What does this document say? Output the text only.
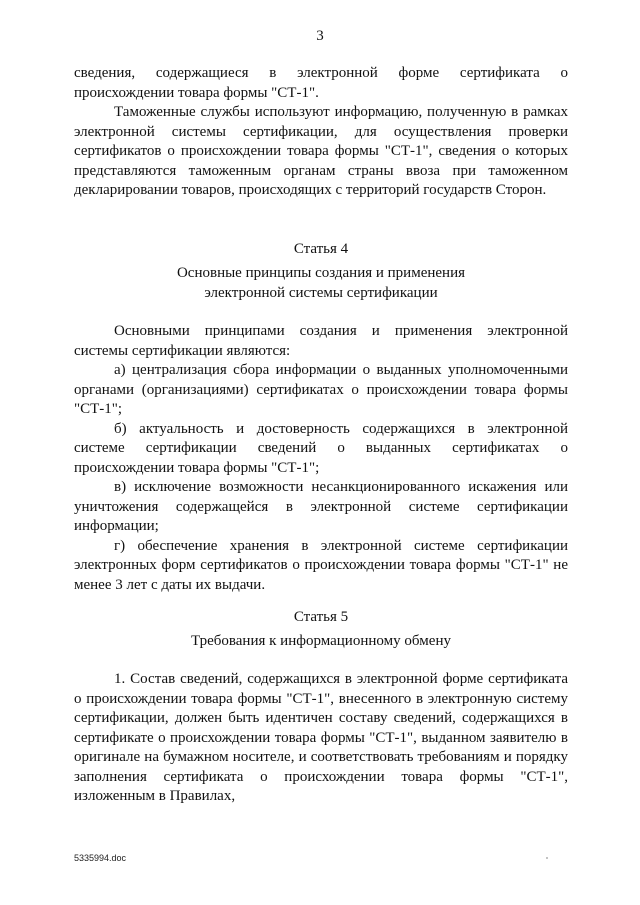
3

сведения, содержащиеся в электронной форме сертификата о происхождении товара формы "СТ-1".

Таможенные службы используют информацию, полученную в рамках электронной системы сертификации, для осуществления проверки сертификатов о происхождении товара формы "СТ-1", сведения о которых представляются таможенным органам страны ввоза при таможенном декларировании товаров, происходящих с территорий государств Сторон.

Статья 4

Основные принципы создания и применения

электронной системы сертификации

Основными принципами создания и применения электронной системы сертификации являются:

а) централизация сбора информации о выданных уполномоченными органами (организациями) сертификатах о происхождении товара формы "СТ-1";

б) актуальность и достоверность содержащихся в электронной системе сертификации сведений о выданных сертификатах о происхождении товара формы "СТ-1";

в) исключение возможности несанкционированного искажения или уничтожения содержащейся в электронной системе сертификации информации;

г) обеспечение хранения в электронной системе сертификации электронных форм сертификатов о происхождении товара формы "СТ-1" не менее 3 лет с даты их выдачи.

Статья 5

Требования к информационному обмену

1. Состав сведений, содержащихся в электронной форме сертификата о происхождении товара формы "СТ-1", внесенного в электронную систему сертификации, должен быть идентичен составу сведений, содержащихся в сертификате о происхождении товара формы "СТ-1", выданном заявителю в оригинале на бумажном носителе, и соответствовать требованиям и порядку заполнения сертификата о происхождении товара формы "СТ-1", изложенным в Правилах,

5335994.doc
